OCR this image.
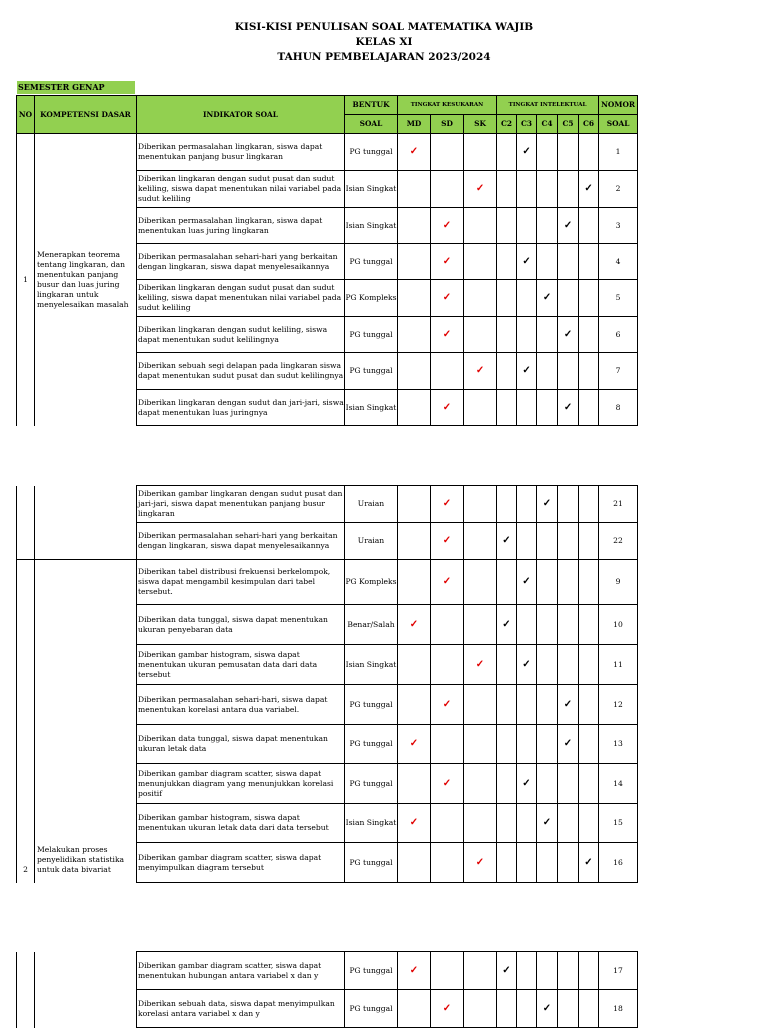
KISI-KISI PENULISAN SOAL MATEMATIKA WAJIB
KELAS XI
TAHUN PEMBELAJARAN 2023/2024
SEMESTER GENAP
NO	KOMPETENSI DASAR	INDIKATOR SOAL	BENTUK	TINGKAT KESUKARAN			TINGKAT INTELEKTUAL					NOMOR
			SOAL	MD	SD	SK	C2	C3	C4	C5	C6	SOAL
1	Menerapkan teorema tentang lingkaran, dan menentukan panjang busur dan luas juring lingkaran untuk menyelesaikan masalah	Diberikan permasalahan lingkaran, siswa dapat menentukan panjang busur lingkaran	PG tunggal	✓				✓				1
		Diberikan lingkaran dengan sudut pusat dan sudut keliling, siswa dapat menentukan nilai variabel pada sudut keliling	Isian Singkat			✓					✓	2
		Diberikan permasalahan lingkaran, siswa dapat menentukan luas juring lingkaran	Isian Singkat		✓					✓		3
		Diberikan permasalahan sehari-hari yang berkaitan dengan lingkaran, siswa dapat menyelesaikannya	PG tunggal		✓			✓				4
		Diberikan lingkaran dengan sudut pusat dan sudut keliling, siswa dapat menentukan nilai variabel pada sudut keliling	PG Kompleks		✓				✓			5
		Diberikan lingkaran dengan sudut keliling, siswa dapat menentukan sudut kelilingnya	PG tunggal		✓					✓		6
		Diberikan sebuah segi delapan pada lingkaran siswa dapat menentukan sudut pusat dan sudut kelilingnya	PG tunggal			✓		✓				7
		Diberikan lingkaran dengan sudut dan jari-jari, siswa dapat menentukan luas juringnya	Isian Singkat		✓					✓		8
		Diberikan gambar lingkaran dengan sudut pusat dan jari-jari, siswa dapat menentukan panjang busur lingkaran	Uraian		✓				✓			21
		Diberikan permasalahan sehari-hari yang berkaitan dengan lingkaran, siswa dapat menyelesaikannya	Uraian		✓		✓					22
2	Melakukan proses penyelidikan statistika untuk data bivariat	Diberikan tabel distribusi frekuensi berkelompok, siswa dapat mengambil kesimpulan dari tabel tersebut.	PG Kompleks		✓			✓				9
		Diberikan data tunggal, siswa dapat menentukan ukuran penyebaran data	Benar/Salah	✓			✓					10
		Diberikan gambar histogram, siswa dapat menentukan ukuran pemusatan data dari data tersebut	Isian Singkat			✓		✓				11
		Diberikan permasalahan sehari-hari, siswa dapat menentukan korelasi antara dua variabel.	PG tunggal		✓					✓		12
		Diberikan data tunggal, siswa dapat menentukan ukuran letak data	PG tunggal	✓						✓		13
		Diberikan gambar diagram scatter, siswa dapat menunjukkan diagram yang menunjukkan korelasi positif	PG tunggal		✓			✓				14
		Diberikan gambar histogram, siswa dapat menentukan ukuran letak data dari data tersebut	Isian Singkat	✓					✓			15
		Diberikan gambar diagram scatter, siswa dapat menyimpulkan diagram tersebut	PG tunggal			✓					✓	16
		Diberikan gambar diagram scatter, siswa dapat menentukan hubungan antara variabel x dan y	PG tunggal	✓			✓					17
		Diberikan sebuah data, siswa dapat menyimpulkan korelasi antara variabel x dan y	PG tunggal		✓				✓			18
